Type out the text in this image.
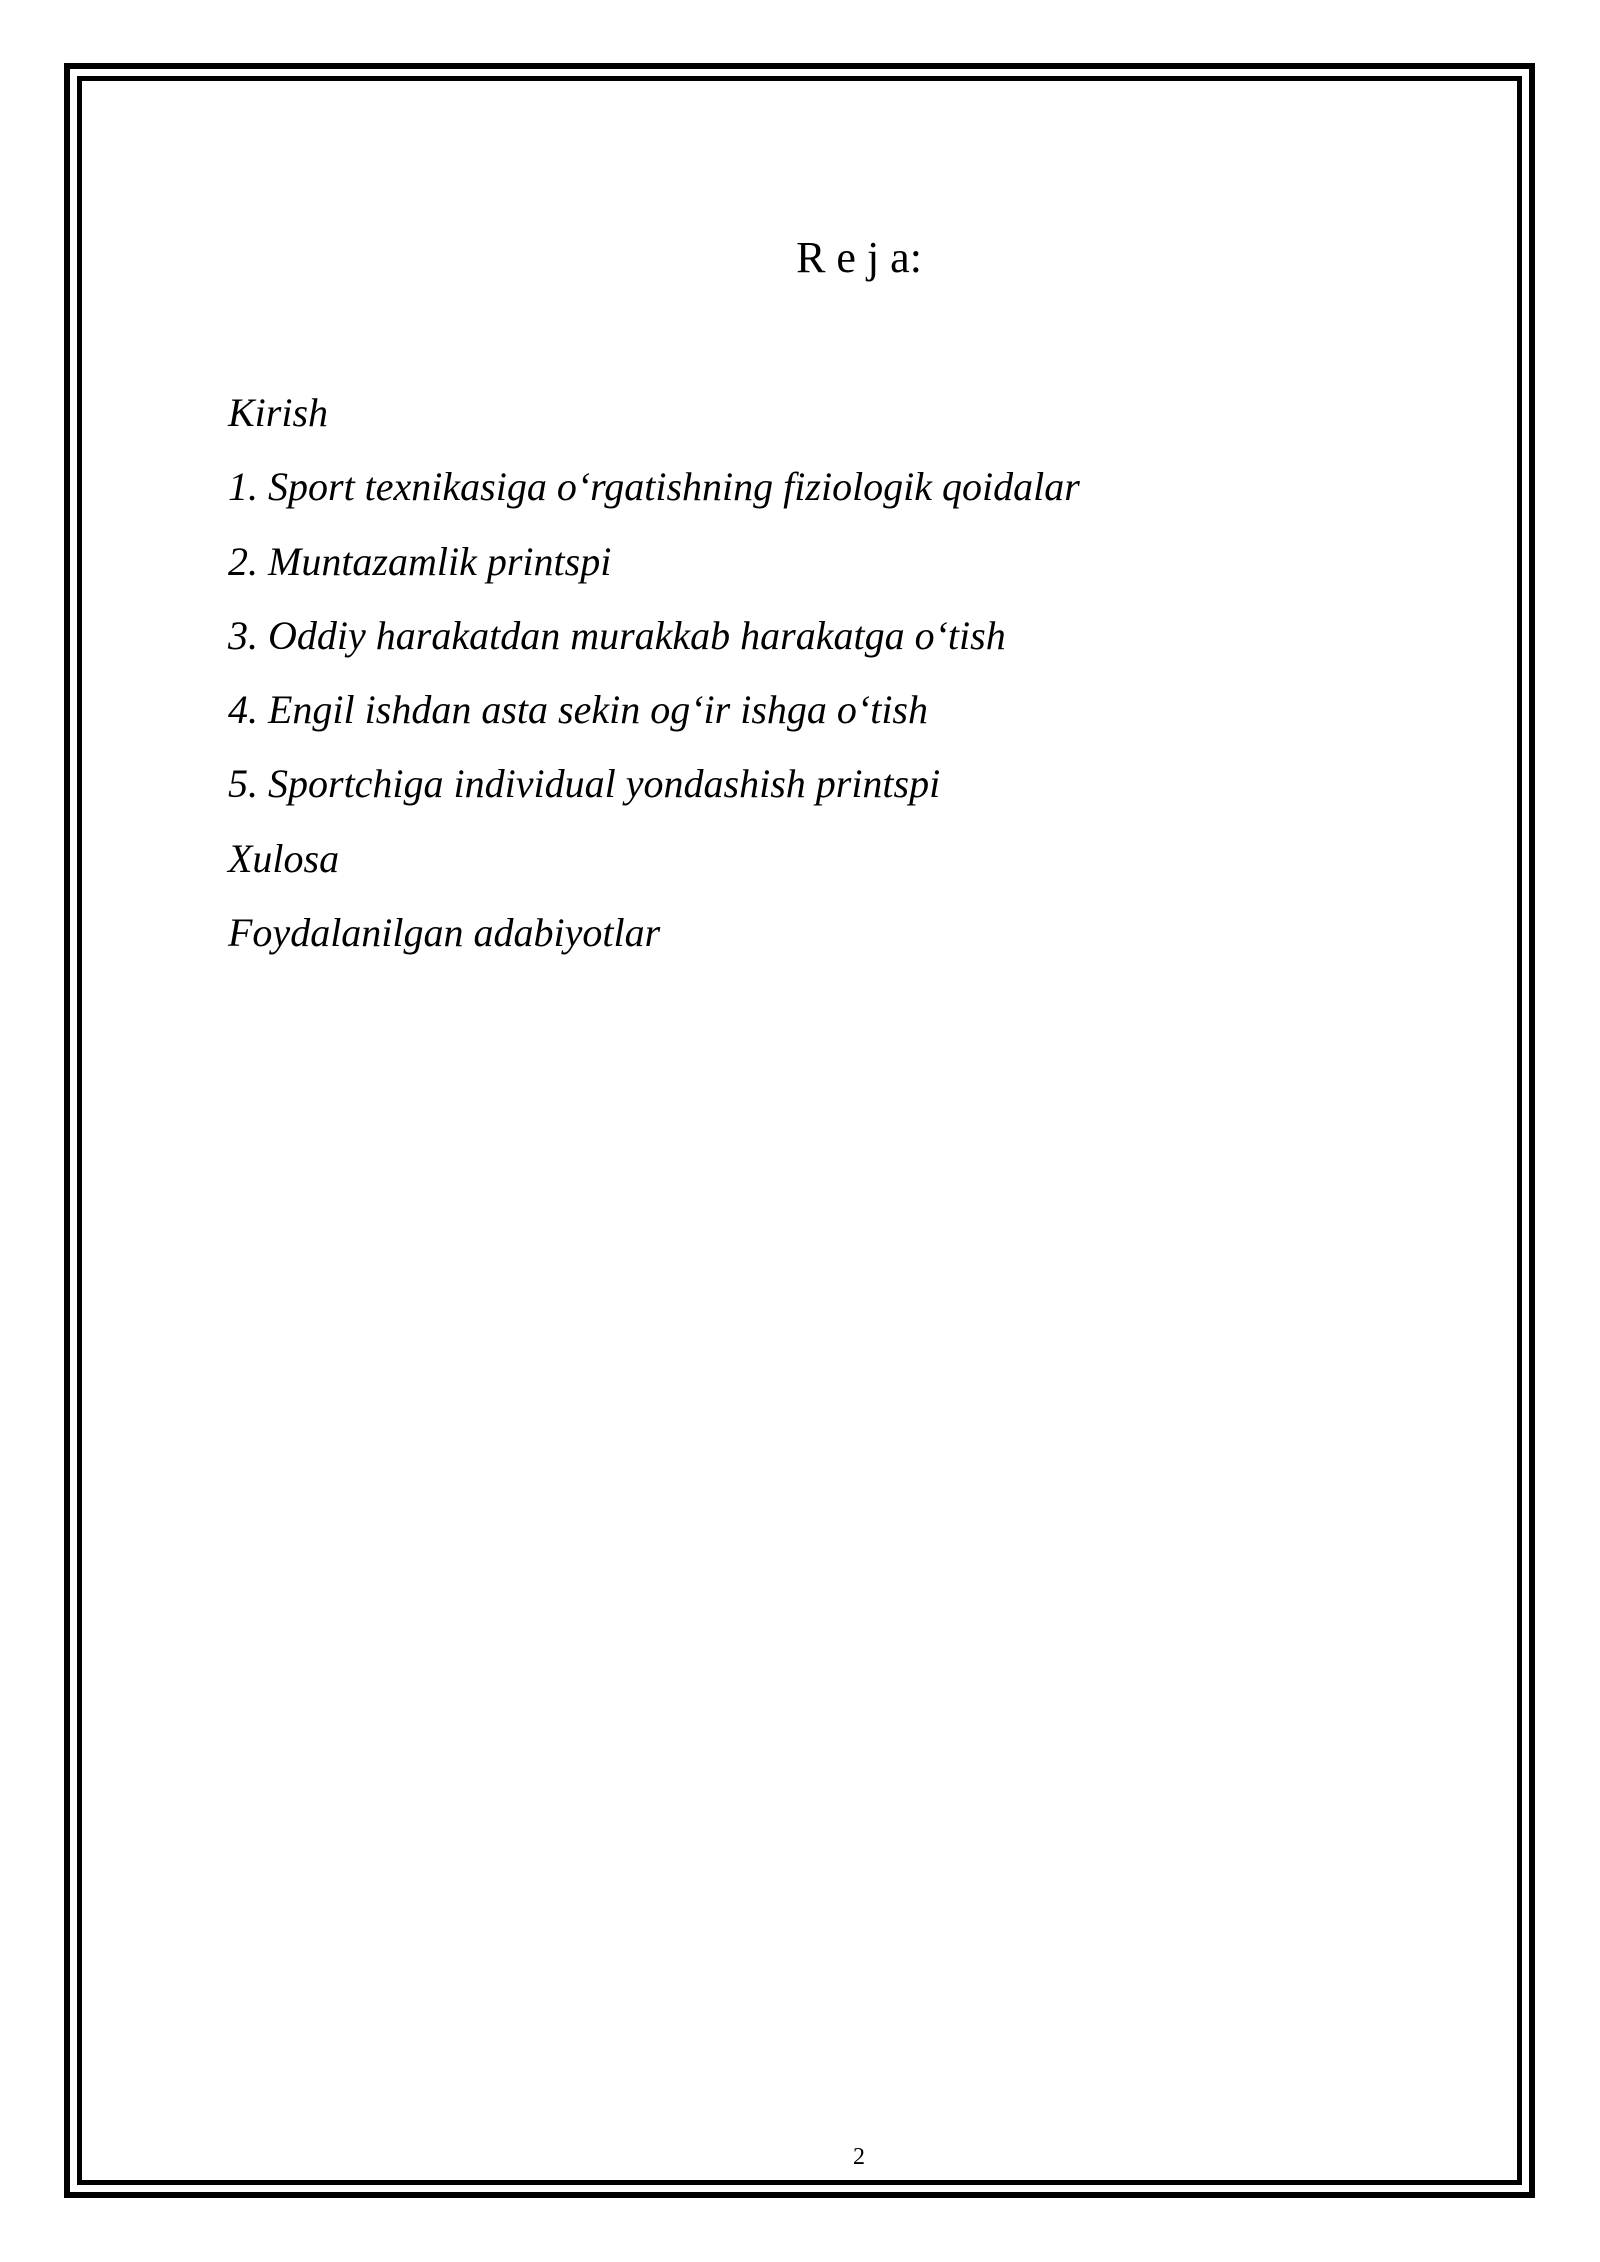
R e j a:
Kirish
1. Sport texnikasiga o‘rgatishning fiziologik qoidalar
2. Muntazamlik printspi
3. Oddiy harakatdan murakkab harakatga o‘tish
4. Engil ishdan asta sekin og‘ir ishga o‘tish
5. Sportchiga individual yondashish printspi
Xulosa
Foydalanilgan adabiyotlar
2
